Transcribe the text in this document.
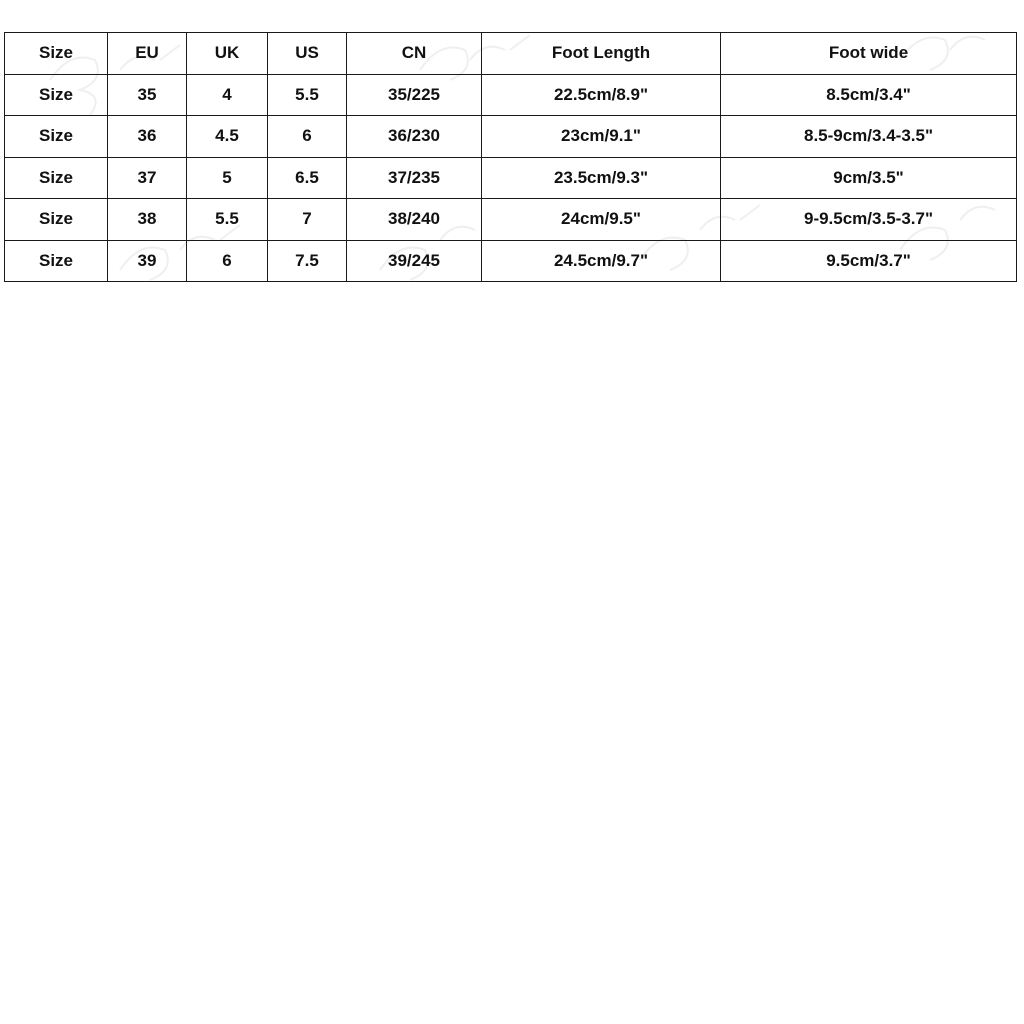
Size	EU	UK	US	CN	Foot Length	Foot wide
Size	35	4	5.5	35/225	22.5cm/8.9"	8.5cm/3.4"
Size	36	4.5	6	36/230	23cm/9.1"	8.5-9cm/3.4-3.5"
Size	37	5	6.5	37/235	23.5cm/9.3"	9cm/3.5"
Size	38	5.5	7	38/240	24cm/9.5"	9-9.5cm/3.5-3.7"
Size	39	6	7.5	39/245	24.5cm/9.7"	9.5cm/3.7"
